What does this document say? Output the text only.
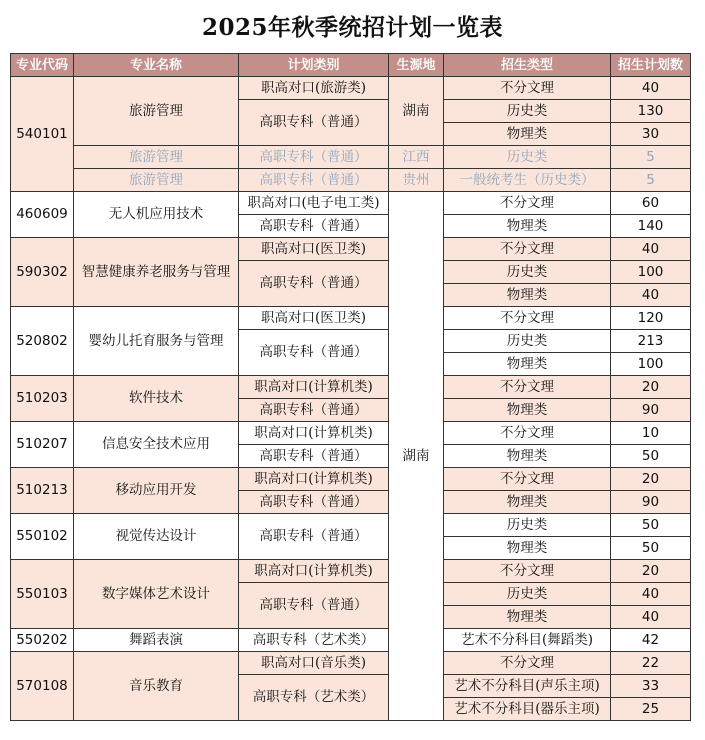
2025年秋季统招计划一览表
专业代码	专业名称	计划类别	生源地	招生类型	招生计划数
540101	旅游管理	职高对口(旅游类)	湖南	不分文理	40
		高职专科（普通）		历史类	130
				物理类	30
	旅游管理	高职专科（普通）	江西	历史类	5
	旅游管理	高职专科（普通）	贵州	一般统考生（历史类）	5
460609	无人机应用技术	职高对口(电子电工类)	湖南	不分文理	60
		高职专科（普通）		物理类	140
590302	智慧健康养老服务与管理	职高对口(医卫类)		不分文理	40
		高职专科（普通）		历史类	100
				物理类	40
520802	婴幼儿托育服务与管理	职高对口(医卫类)		不分文理	120
		高职专科（普通）		历史类	213
				物理类	100
510203	软件技术	职高对口(计算机类)		不分文理	20
		高职专科（普通）		物理类	90
510207	信息安全技术应用	职高对口(计算机类)		不分文理	10
		高职专科（普通）		物理类	50
510213	移动应用开发	职高对口(计算机类)		不分文理	20
		高职专科（普通）		物理类	90
550102	视觉传达设计	高职专科（普通）		历史类	50
				物理类	50
550103	数字媒体艺术设计	职高对口(计算机类)		不分文理	20
		高职专科（普通）		历史类	40
				物理类	40
550202	舞蹈表演	高职专科（艺术类）		艺术不分科目(舞蹈类)	42
570108	音乐教育	职高对口(音乐类)		不分文理	22
		高职专科（艺术类）		艺术不分科目(声乐主项)	33
				艺术不分科目(器乐主项)	25
